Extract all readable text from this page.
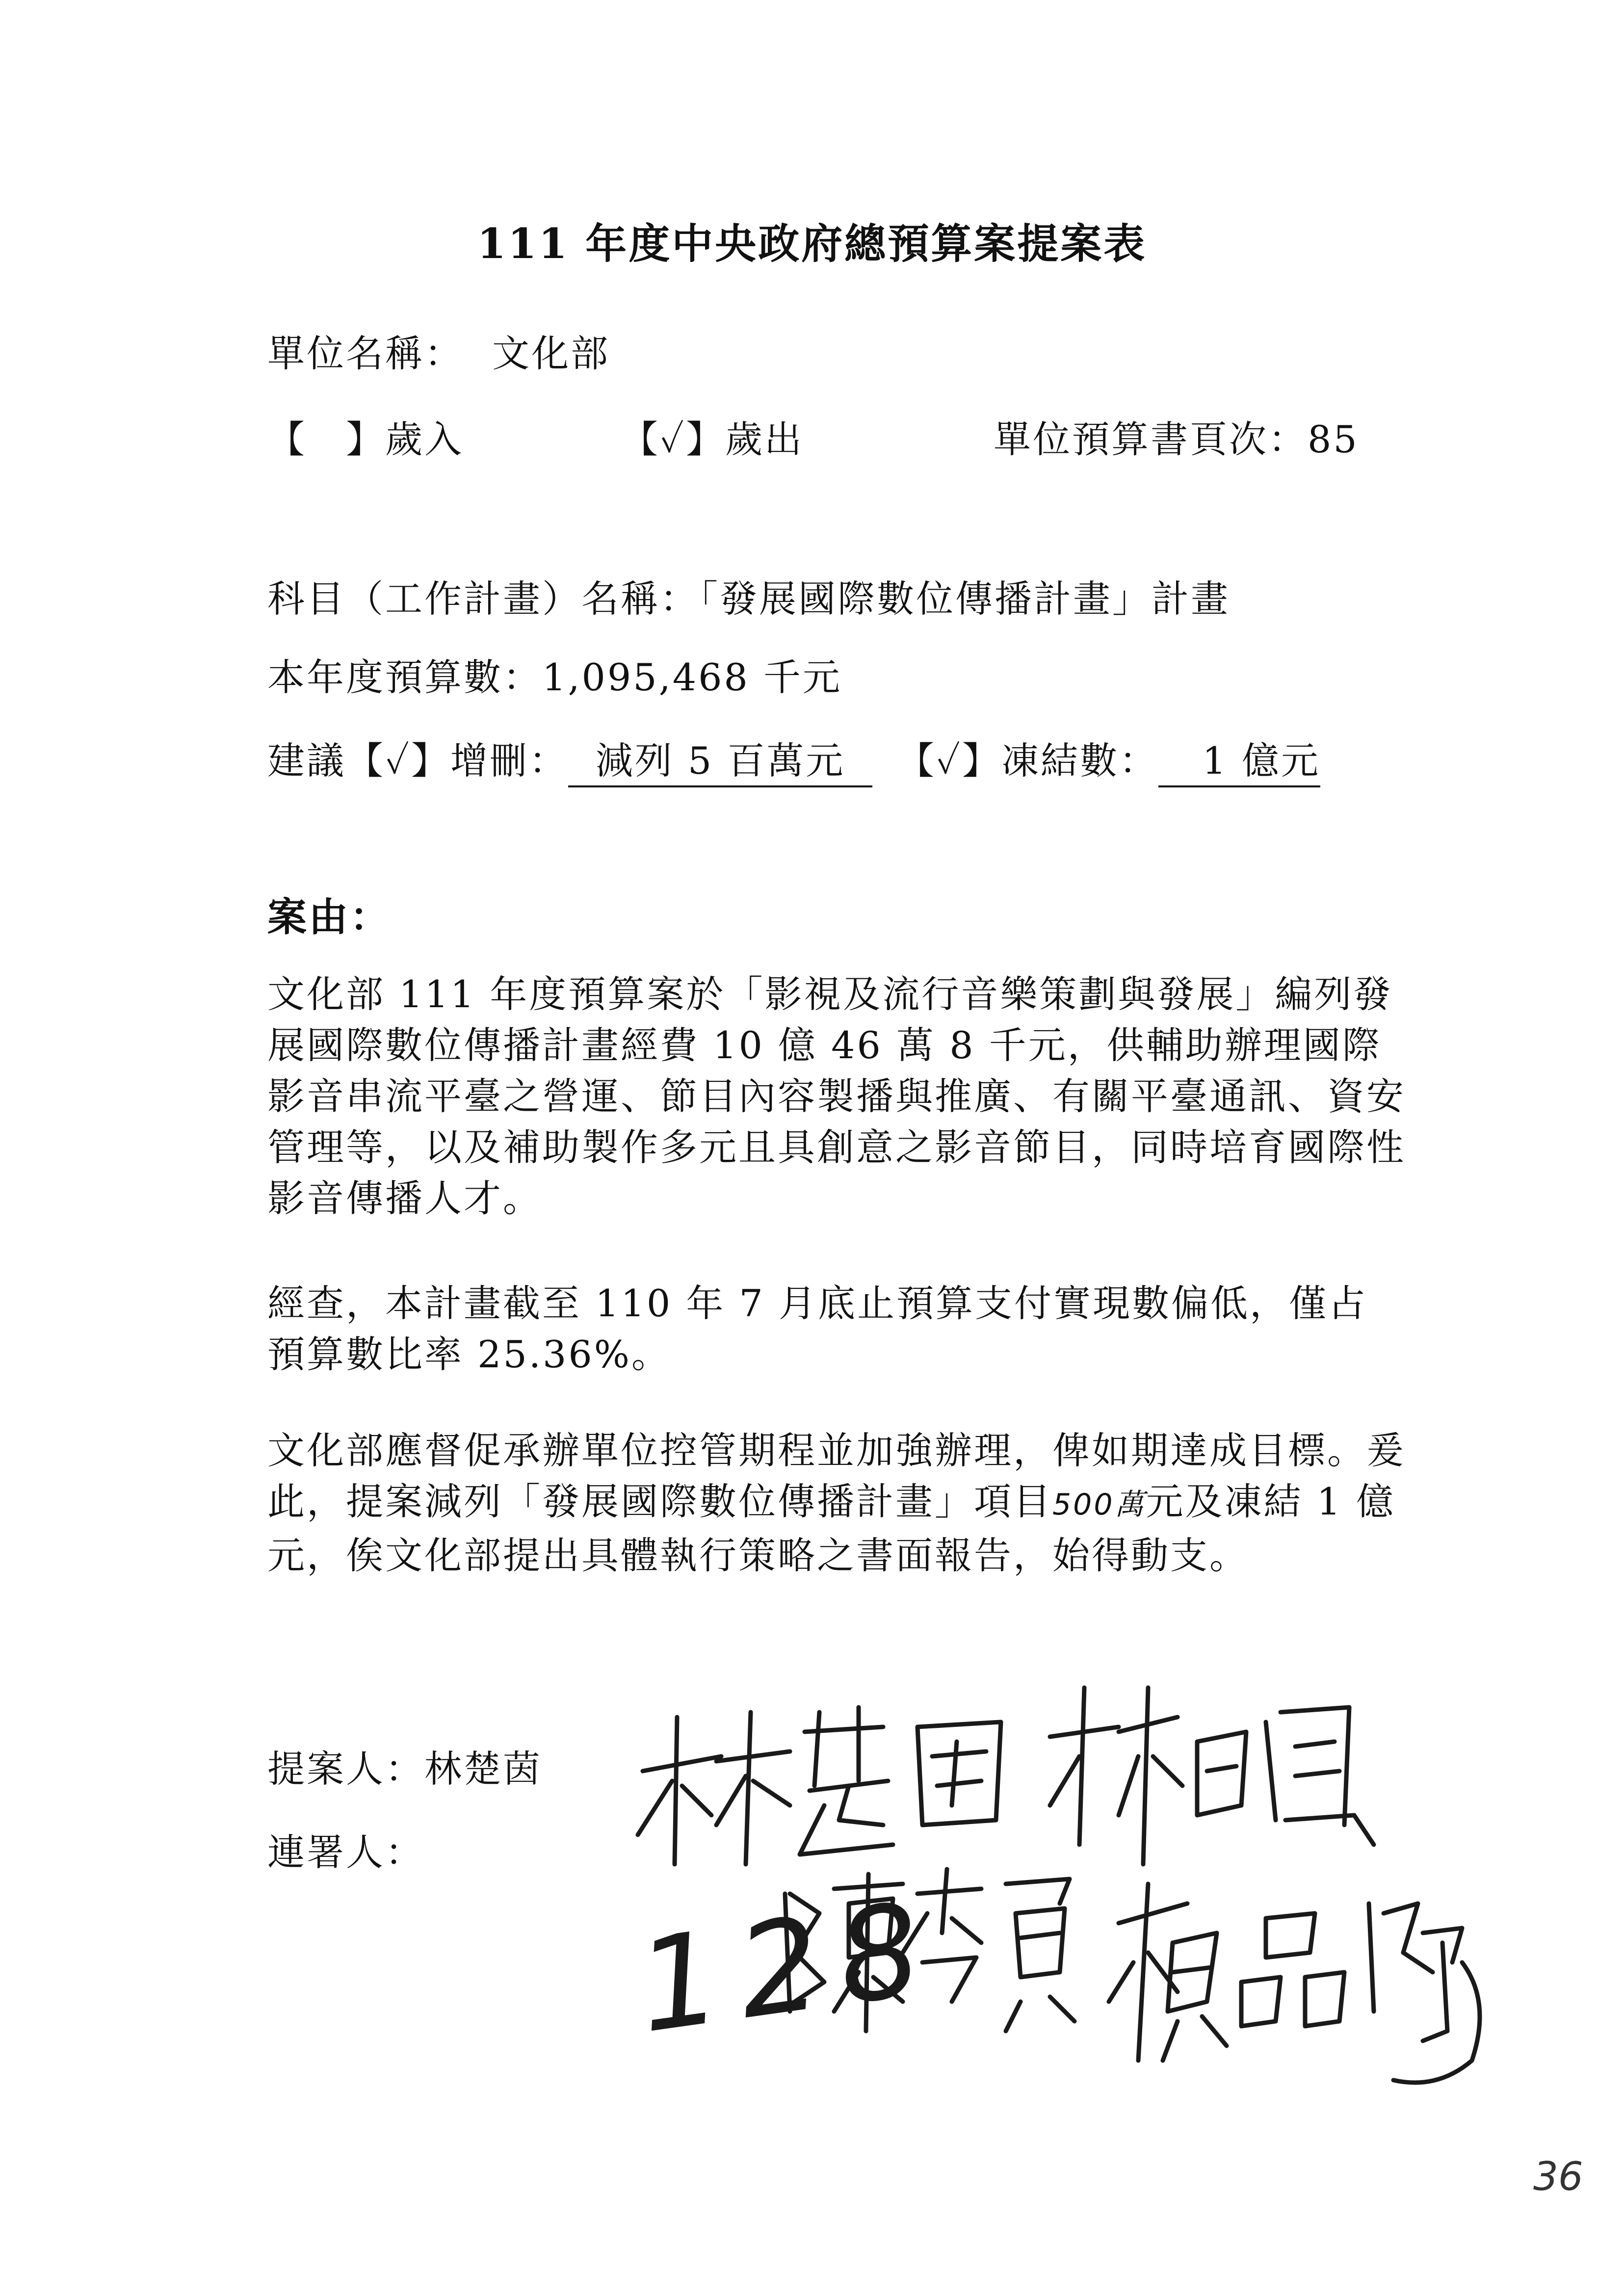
111 年度中央政府總預算案提案表
單位名稱： 文化部
【　】歲入	【✓】歲出	單位預算書頁次：85
科目（工作計畫）名稱：「發展國際數位傳播計畫」計畫
本年度預算數：1,095,468 千元
建議【✓】增刪： 減列 5 百萬元 【✓】凍結數： 1 億元
案由：
文化部 111 年度預算案於「影視及流行音樂策劃與發展」編列發展國際數位傳播計畫經費 10 億 46 萬 8 千元，供輔助辦理國際影音串流平臺之營運、節目內容製播與推廣、有關平臺通訊、資安管理等，以及補助製作多元且具創意之影音節目，同時培育國際性影音傳播人才。
經查，本計畫截至 110 年 7 月底止預算支付實現數偏低，僅占預算數比率 25.36%。
文化部應督促承辦單位控管期程並加強辦理，俾如期達成目標。爰此，提案減列「發展國際數位傳播計畫」項目500萬元及凍結 1 億元，俟文化部提出具體執行策略之書面報告，始得動支。
提案人：林楚茵
連署人：
128
36
